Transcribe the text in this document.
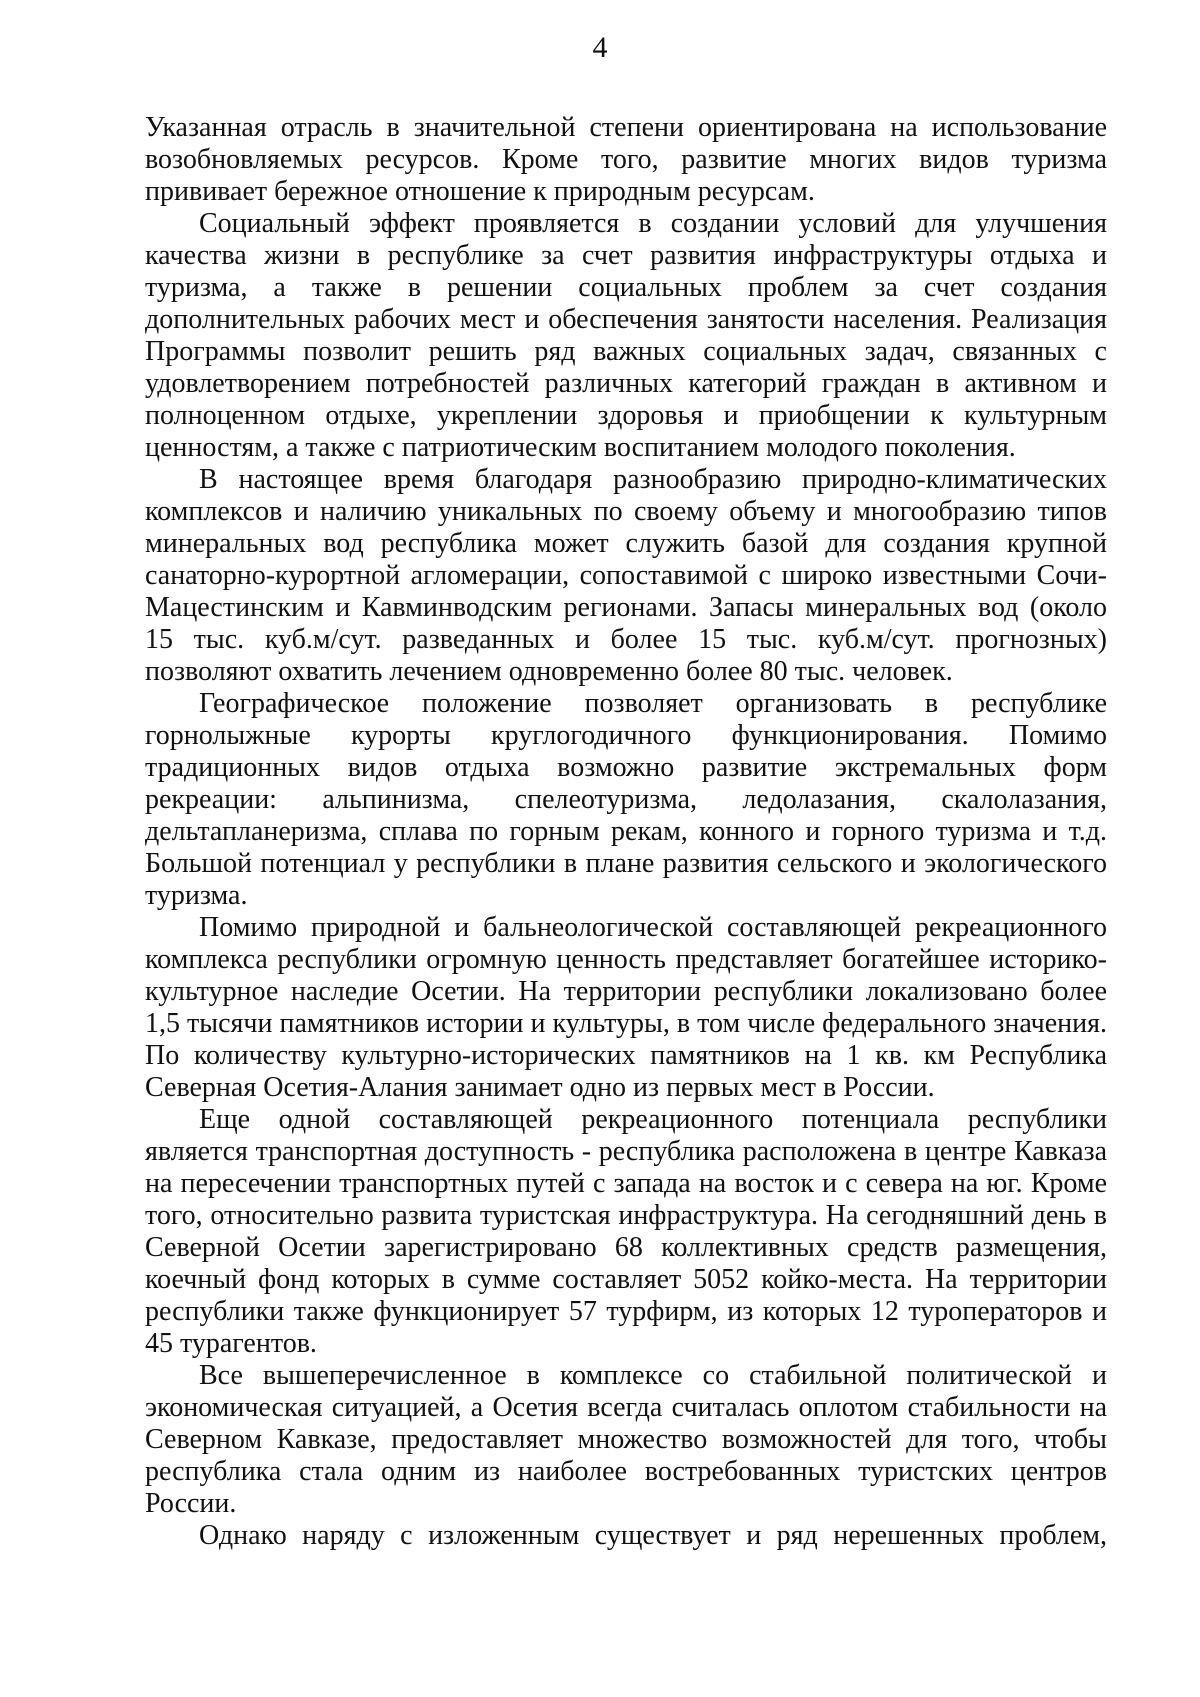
4

Указанная отрасль в значительной степени ориентирована на использование возобновляемых ресурсов. Кроме того, развитие многих видов туризма прививает бережное отношение к природным ресурсам.

Социальный эффект проявляется в создании условий для улучшения качества жизни в республике за счет развития инфраструктуры отдыха и туризма, а также в решении социальных проблем за счет создания дополнительных рабочих мест и обеспечения занятости населения. Реализация Программы позволит решить ряд важных социальных задач, связанных с удовлетворением потребностей различных категорий граждан в активном и полноценном отдыхе, укреплении здоровья и приобщении к культурным ценностям, а также с патриотическим воспитанием молодого поколения.

В настоящее время благодаря разнообразию природно-климатических комплексов и наличию уникальных по своему объему и многообразию типов минеральных вод республика может служить базой для создания крупной санаторно-курортной агломерации, сопоставимой с широко известными Сочи-Мацестинским и Кавминводским регионами. Запасы минеральных вод (около 15 тыс. куб.м/сут. разведанных и более 15 тыс. куб.м/сут. прогнозных) позволяют охватить лечением одновременно более 80 тыс. человек.

Географическое положение позволяет организовать в республике горнолыжные курорты круглогодичного функционирования. Помимо традиционных видов отдыха возможно развитие экстремальных форм рекреации: альпинизма, спелеотуризма, ледолазания, скалолазания, дельтапланеризма, сплава по горным рекам, конного и горного туризма и т.д. Большой потенциал у республики в плане развития сельского и экологического туризма.

Помимо природной и бальнеологической составляющей рекреационного комплекса республики огромную ценность представляет богатейшее историко-культурное наследие Осетии. На территории республики локализовано более 1,5 тысячи памятников истории и культуры, в том числе федерального значения. По количеству культурно-исторических памятников на 1 кв. км Республика Северная Осетия-Алания занимает одно из первых мест в России.

Еще одной составляющей рекреационного потенциала республики является транспортная доступность - республика расположена в центре Кавказа на пересечении транспортных путей с запада на восток и с севера на юг. Кроме того, относительно развита туристская инфраструктура. На сегодняшний день в Северной Осетии зарегистрировано 68 коллективных средств размещения, коечный фонд которых в сумме составляет 5052 койко-места. На территории республики также функционирует 57 турфирм, из которых 12 туроператоров и 45 турагентов.

Все вышеперечисленное в комплексе со стабильной политической и экономическая ситуацией, а Осетия всегда считалась оплотом стабильности на Северном Кавказе, предоставляет множество возможностей для того, чтобы республика стала одним из наиболее востребованных туристских центров России.

Однако наряду с изложенным существует и ряд нерешенных проблем,
